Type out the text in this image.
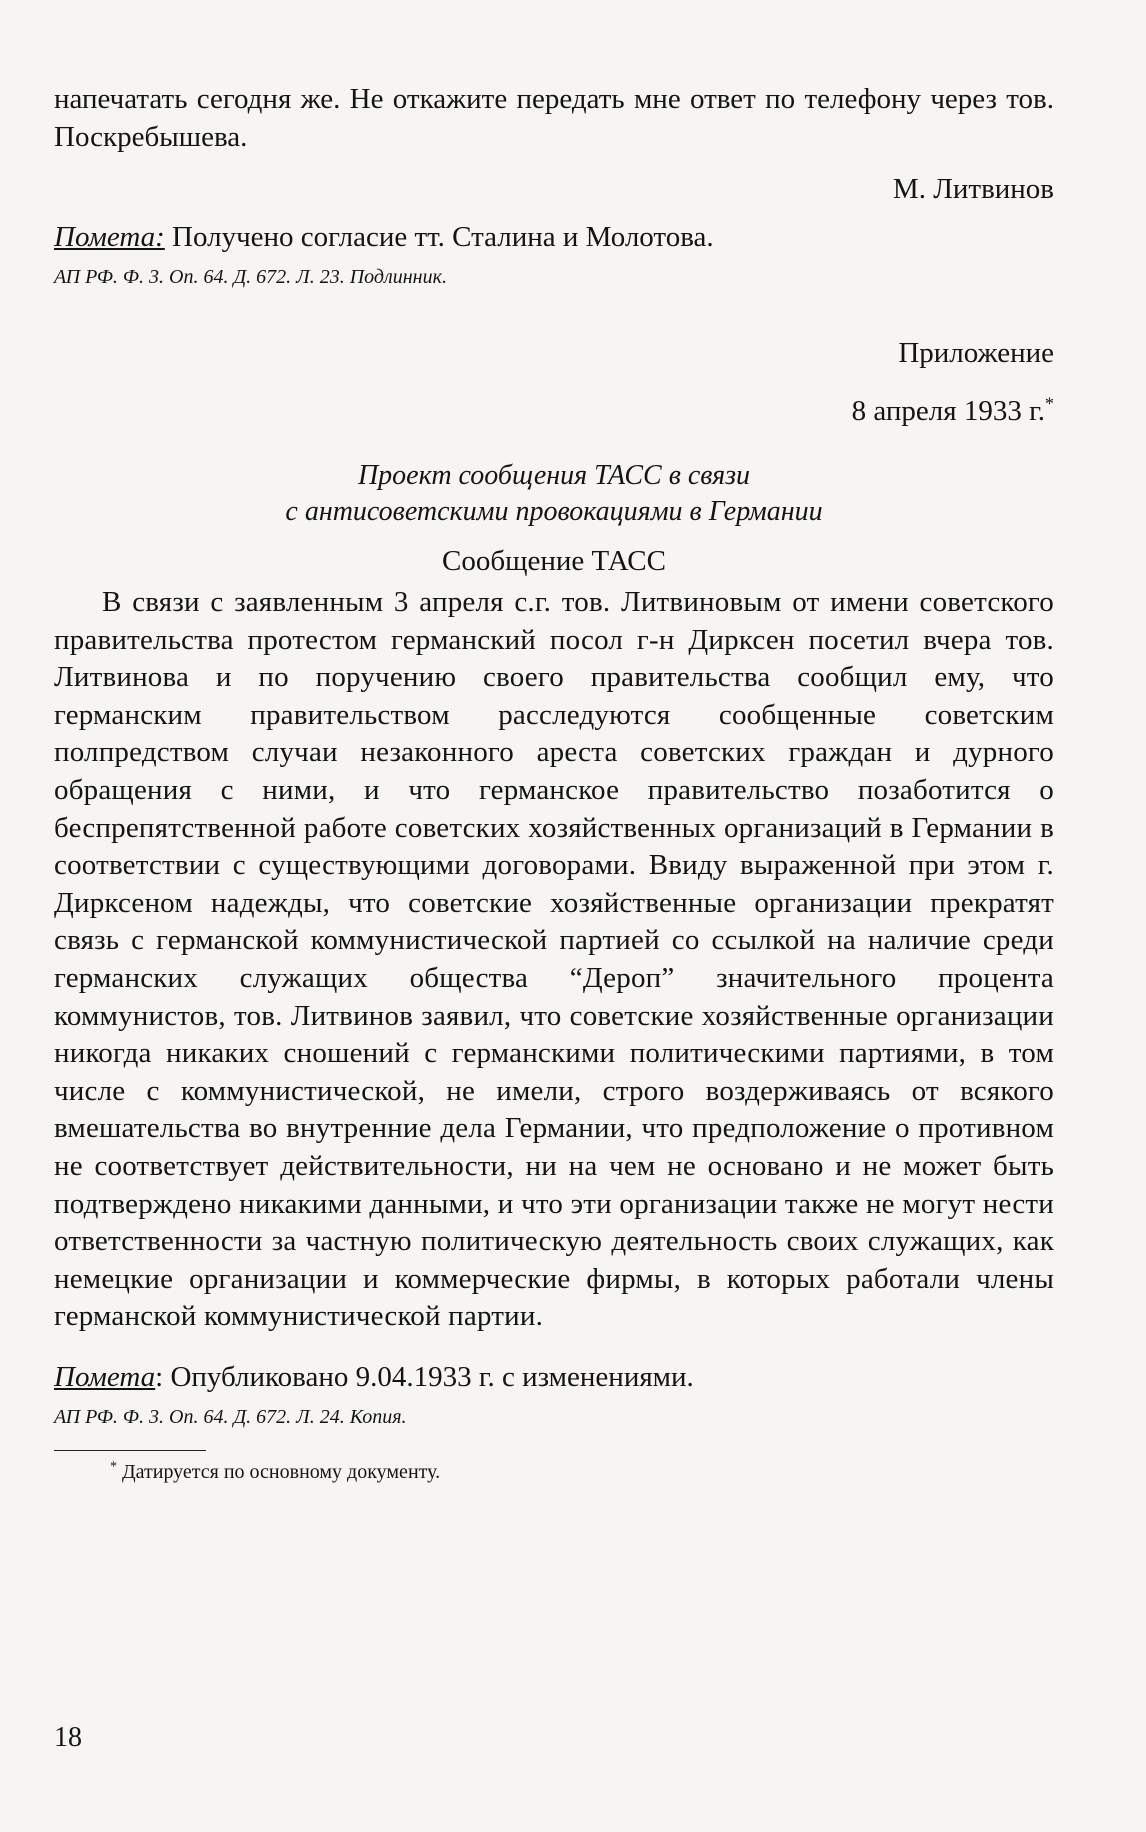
напечатать сегодня же. Не откажите передать мне ответ по телефону через тов. Поскребышева.

М. Литвинов

Помета: Получено согласие тт. Сталина и Молотова.

АП РФ. Ф. 3. Оп. 64. Д. 672. Л. 23. Подлинник.

Приложение

8 апреля 1933 г.*

Проект сообщения ТАСС в связи
с антисоветскими провокациями в Германии

Сообщение ТАСС

В связи с заявленным 3 апреля с.г. тов. Литвиновым от имени советского правительства протестом германский посол г-н Дирксен посетил вчера тов. Литвинова и по поручению своего правительства сообщил ему, что германским правительством расследуются сообщенные советским полпредством случаи незаконного ареста советских граждан и дурного обращения с ними, и что германское правительство позаботится о беспрепятственной работе советских хозяйственных организаций в Германии в соответствии с существующими договорами. Ввиду выраженной при этом г. Дирксеном надежды, что советские хозяйственные организации прекратят связь с германской коммунистической партией со ссылкой на наличие среди германских служащих общества “Дероп” значительного процента коммунистов, тов. Литвинов заявил, что советские хозяйственные организации никогда никаких сношений с германскими политическими партиями, в том числе с коммунистической, не имели, строго воздерживаясь от всякого вмешательства во внутренние дела Германии, что предположение о противном не соответствует действительности, ни на чем не основано и не может быть подтверждено никакими данными, и что эти организации также не могут нести ответственности за частную политическую деятельность своих служащих, как немецкие организации и коммерческие фирмы, в которых работали члены германской коммунистической партии.

Помета: Опубликовано 9.04.1933 г. с изменениями.

АП РФ. Ф. 3. Оп. 64. Д. 672. Л. 24. Копия.

* Датируется по основному документу.

18
